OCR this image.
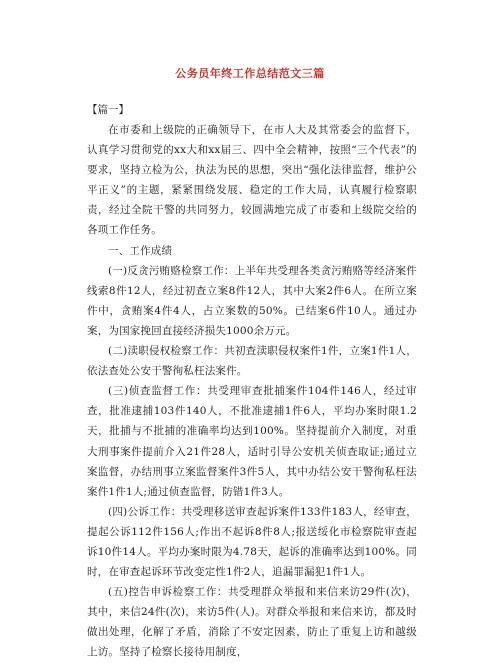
公务员年终工作总结范文三篇
【篇一】

在市委和上级院的正确领导下，在市人大及其常委会的监督下，认真学习贯彻党的xx大和xx届三、四中全会精神，按照“三个代表”的要求，坚持立检为公，执法为民的思想，突出“强化法律监督，维护公平正义”的主题，紧紧围绕发展、稳定的工作大局，认真履行检察职责，经过全院干警的共同努力，较圆满地完成了市委和上级院交给的各项工作任务。

一、工作成绩

(一)反贪污贿赂检察工作：上半年共受理各类贪污贿赂等经济案件线索8件12人，经过初查立案8件12人，其中大案2件6人。在所立案件中，贪贿案4件4人，占立案数的50%。已结案6件10人。通过办案，为国家挽回直接经济损失1000余万元。

(二)渎职侵权检察工作：共初查渎职侵权案件1件，立案1件1人，依法查处公安干警徇私枉法案件。

(三)侦查监督工作：共受理审查批捕案件104件146人，经过审查，批准逮捕103件140人，不批准逮捕1件6人，平均办案时限1.2天，批捕与不批捕的准确率均达到100%。坚持提前介入制度，对重大刑事案件提前介入21件28人，适时引导公安机关侦查取证;通过立案监督，办结刑事立案监督案件3件5人，其中办结公安干警徇私枉法案件1件1人;通过侦查监督，防错1件3人。

(四)公诉工作：共受理移送审查起诉案件133件183人，经审查，提起公诉112件156人;作出不起诉8件8人;报送绥化市检察院审查起诉10件14人。平均办案时限为4.78天，起诉的准确率达到100%。同时，在审查起诉环节改变定性1件2人，追漏罪漏犯1件1人。

(五)控告申诉检察工作：共受理群众举报和来信来访29件(次)，其中，来信24件(次)，来访5件(人)。对群众举报和来信来访，都及时做出处理，化解了矛盾，消除了不安定因素，防止了重复上访和越级上访。坚持了检察长接待用制度，
